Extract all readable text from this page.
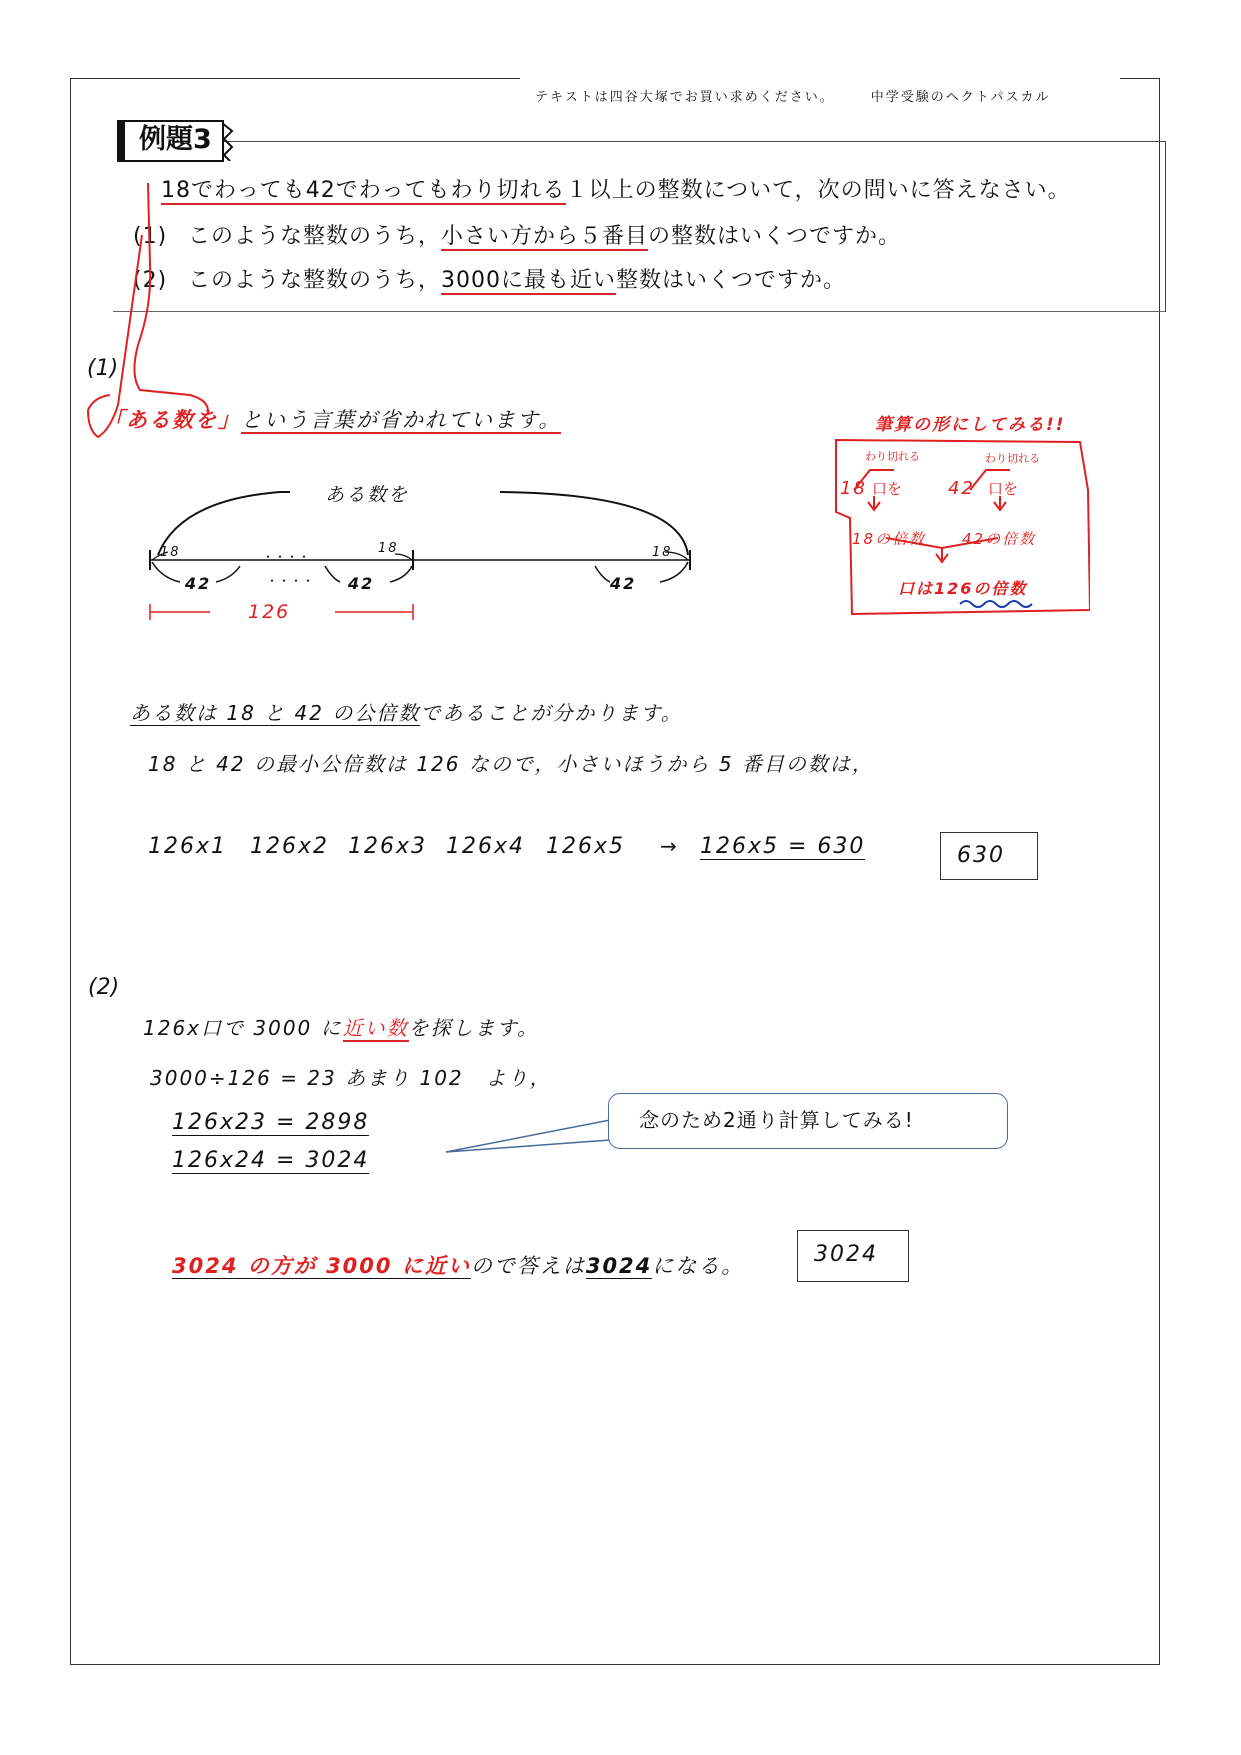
テキストは四谷大塚でお買い求めください。	中学受験のヘクトパスカル
例題3
18でわっても42でわってもわり切れる１以上の整数について，次の問いに答えなさい。
(1) このような整数のうち，小さい方から５番目の整数はいくつですか。
(2) このような整数のうち，3000に最も近い整数はいくつですか。
(1)
「ある数を」という言葉が省かれています。
ある数を
18	18	18
42	42	42
・・・・
・・・・
126
筆算の形にしてみる!!
わり切れる	わり切れる
18 口を	42 口を
18の倍数 42の倍数
口は126の倍数
ある数は 18 と 42 の公倍数であることが分かります。
18 と 42 の最小公倍数は 126 なので，小さいほうから 5 番目の数は，
126x1 126x2 126x3 126x4 126x5 → 126x5 = 630	630
(2)
126x口で 3000 に近い数を探します。
3000÷126 = 23 あまり 102　より，
126x23 = 2898
126x24 = 3024
念のため2通り計算してみる!
3024 の方が 3000 に近いので答えは3024になる。	3024
